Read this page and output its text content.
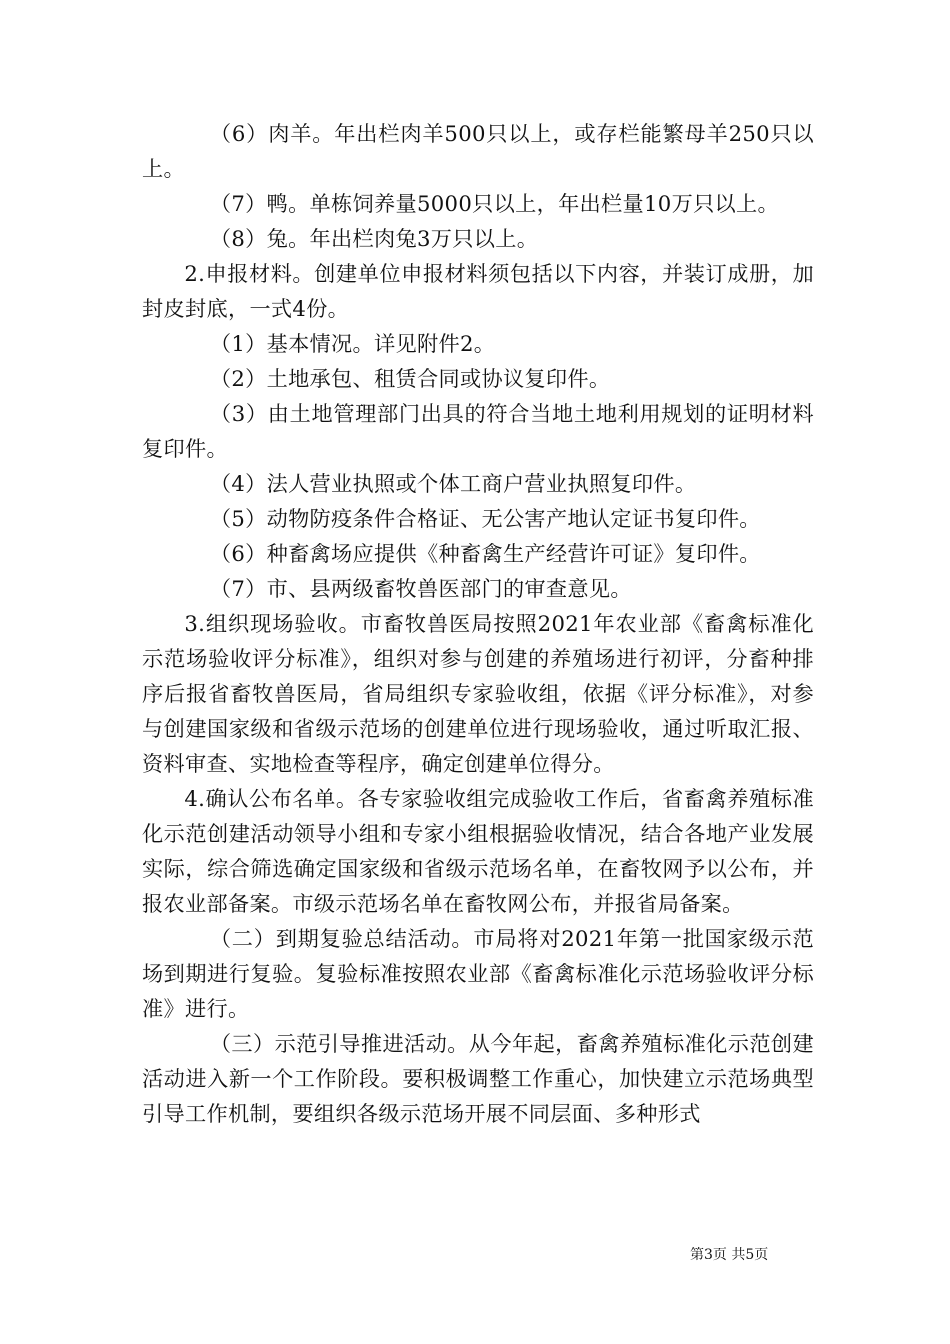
（6）肉羊。年出栏肉羊500只以上，或存栏能繁母羊250只以上。

（7）鸭。单栋饲养量5000只以上，年出栏量10万只以上。

（8）兔。年出栏肉兔3万只以上。

2.申报材料。创建单位申报材料须包括以下内容，并装订成册，加封皮封底，一式4份。

（1）基本情况。详见附件2。

（2）土地承包、租赁合同或协议复印件。

（3）由土地管理部门出具的符合当地土地利用规划的证明材料复印件。

（4）法人营业执照或个体工商户营业执照复印件。

（5）动物防疫条件合格证、无公害产地认定证书复印件。

（6）种畜禽场应提供《种畜禽生产经营许可证》复印件。

（7）市、县两级畜牧兽医部门的审查意见。

3.组织现场验收。市畜牧兽医局按照2021年农业部《畜禽标准化示范场验收评分标准》，组织对参与创建的养殖场进行初评，分畜种排序后报省畜牧兽医局，省局组织专家验收组，依据《评分标准》，对参与创建国家级和省级示范场的创建单位进行现场验收，通过听取汇报、资料审查、实地检查等程序，确定创建单位得分。

4.确认公布名单。各专家验收组完成验收工作后，省畜禽养殖标准化示范创建活动领导小组和专家小组根据验收情况，结合各地产业发展实际，综合筛选确定国家级和省级示范场名单，在畜牧网予以公布，并报农业部备案。市级示范场名单在畜牧网公布，并报省局备案。

（二）到期复验总结活动。市局将对2021年第一批国家级示范场到期进行复验。复验标准按照农业部《畜禽标准化示范场验收评分标准》进行。

（三）示范引导推进活动。从今年起，畜禽养殖标准化示范创建活动进入新一个工作阶段。要积极调整工作重心，加快建立示范场典型引导工作机制，要组织各级示范场开展不同层面、多种形式

第3页 共5页
